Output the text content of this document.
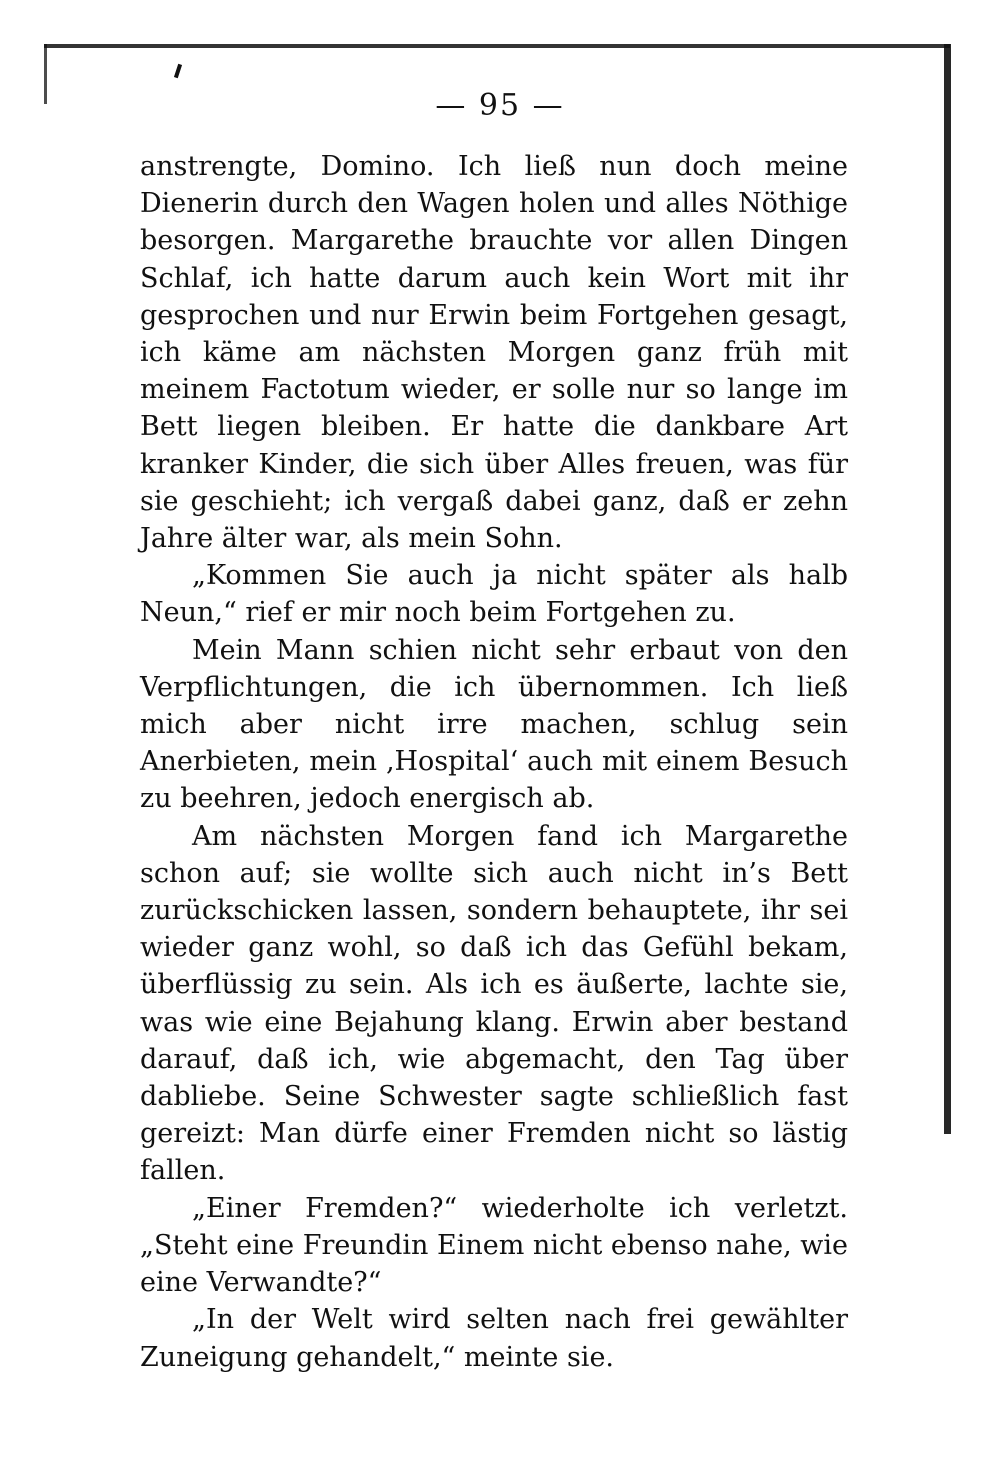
— 95 —

anstrengte, Domino. Ich ließ nun doch meine Dienerin durch den Wagen holen und alles Nöthige besorgen. Margarethe brauchte vor allen Dingen Schlaf, ich hatte darum auch kein Wort mit ihr gesprochen und nur Erwin beim Fortgehen gesagt, ich käme am nächsten Morgen ganz früh mit meinem Factotum wieder, er solle nur so lange im Bett liegen bleiben. Er hatte die dankbare Art kranker Kinder, die sich über Alles freuen, was für sie geschieht; ich vergaß dabei ganz, daß er zehn Jahre älter war, als mein Sohn.

„Kommen Sie auch ja nicht später als halb Neun,“ rief er mir noch beim Fortgehen zu.

Mein Mann schien nicht sehr erbaut von den Verpflichtungen, die ich übernommen. Ich ließ mich aber nicht irre machen, schlug sein Anerbieten, mein ‚Hospital‘ auch mit einem Besuch zu beehren, jedoch energisch ab.

Am nächsten Morgen fand ich Margarethe schon auf; sie wollte sich auch nicht in’s Bett zurückschicken lassen, sondern behauptete, ihr sei wieder ganz wohl, so daß ich das Gefühl bekam, überflüssig zu sein. Als ich es äußerte, lachte sie, was wie eine Bejahung klang. Erwin aber bestand darauf, daß ich, wie abgemacht, den Tag über dabliebe. Seine Schwester sagte schließlich fast gereizt: Man dürfe einer Fremden nicht so lästig fallen.

„Einer Fremden?“ wiederholte ich verletzt. „Steht eine Freundin Einem nicht ebenso nahe, wie eine Verwandte?“

„In der Welt wird selten nach frei gewählter Zuneigung gehandelt,“ meinte sie.
